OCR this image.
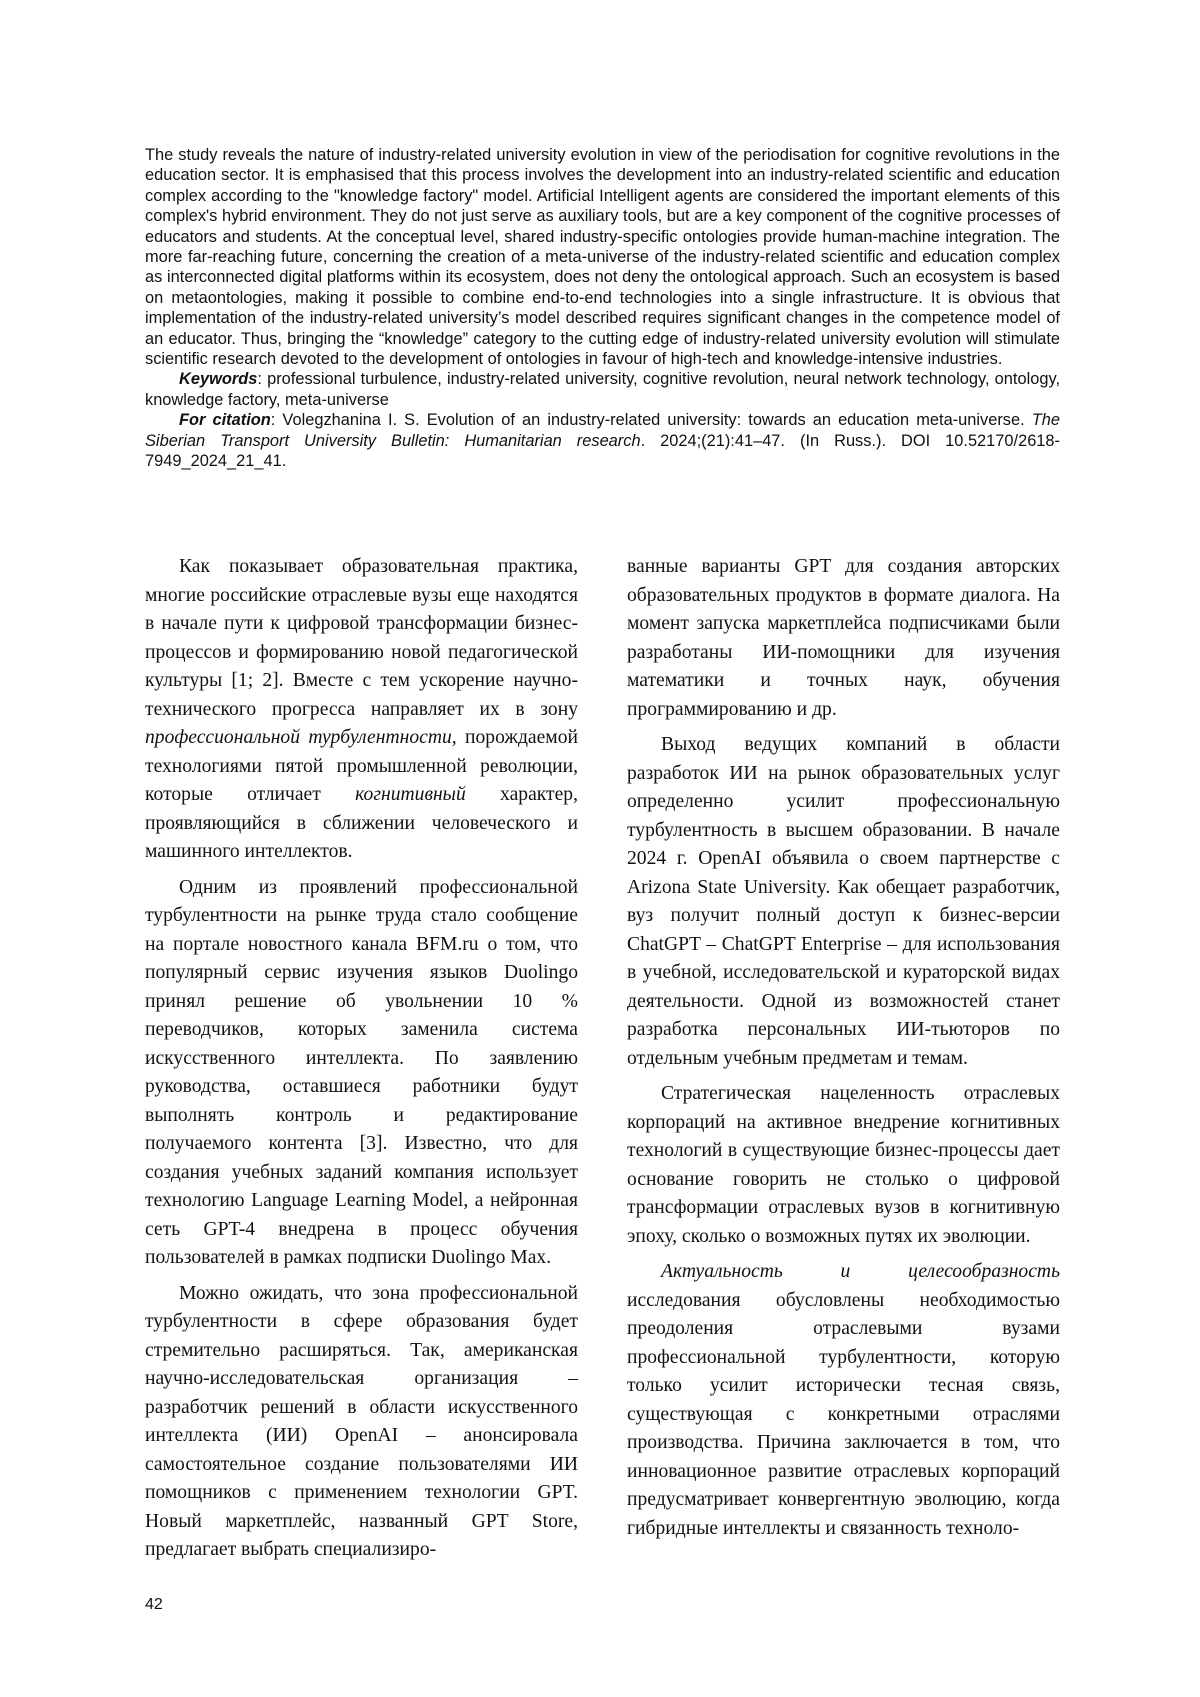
The study reveals the nature of industry-related university evolution in view of the periodisation for cognitive revolutions in the education sector. It is emphasised that this process involves the development into an industry-related scientific and education complex according to the "knowledge factory" model. Artificial Intelligent agents are considered the important elements of this complex's hybrid environment. They do not just serve as auxiliary tools, but are a key component of the cognitive processes of educators and students. At the conceptual level, shared industry-specific ontologies provide human-machine integration. The more far-reaching future, concerning the creation of a meta-universe of the industry-related scientific and education complex as interconnected digital platforms within its ecosystem, does not deny the ontological approach. Such an ecosystem is based on metaontologies, making it possible to combine end-to-end technologies into a single infrastructure. It is obvious that implementation of the industry-related university’s model described requires significant changes in the competence model of an educator. Thus, bringing the “knowledge” category to the cutting edge of industry-related university evolution will stimulate scientific research devoted to the development of ontologies in favour of high-tech and knowledge-intensive industries.

Keywords: professional turbulence, industry-related university, cognitive revolution, neural network technology, ontology, knowledge factory, meta-universe

For citation: Volegzhanina I. S. Evolution of an industry-related university: towards an education meta-universe. The Siberian Transport University Bulletin: Humanitarian research. 2024;(21):41–47. (In Russ.). DOI 10.52170/2618-7949_2024_21_41.

Как показывает образовательная практика, многие российские отраслевые вузы еще находятся в начале пути к цифровой трансформации бизнес-процессов и формированию новой педагогической культуры [1; 2]. Вместе с тем ускорение научно-технического прогресса направляет их в зону профессиональной турбулентности, порождаемой технологиями пятой промышленной революции, которые отличает когнитивный характер, проявляющийся в сближении человеческого и машинного интеллектов.

Одним из проявлений профессиональной турбулентности на рынке труда стало сообщение на портале новостного канала BFM.ru о том, что популярный сервис изучения языков Duolingo принял решение об увольнении 10 % переводчиков, которых заменила система искусственного интеллекта. По заявлению руководства, оставшиеся работники будут выполнять контроль и редактирование получаемого контента [3]. Известно, что для создания учебных заданий компания использует технологию Language Learning Model, а нейронная сеть GPT-4 внедрена в процесс обучения пользователей в рамках подписки Duolingo Max.

Можно ожидать, что зона профессиональной турбулентности в сфере образования будет стремительно расширяться. Так, американская научно-исследовательская организация – разработчик решений в области искусственного интеллекта (ИИ) OpenAI – анонсировала самостоятельное создание пользователями ИИ помощников с применением технологии GPT. Новый маркетплейс, названный GPT Store, предлагает выбрать специализиро-

ванные варианты GPT для создания авторских образовательных продуктов в формате диалога. На момент запуска маркетплейса подписчиками были разработаны ИИ-помощники для изучения математики и точных наук, обучения программированию и др.

Выход ведущих компаний в области разработок ИИ на рынок образовательных услуг определенно усилит профессиональную турбулентность в высшем образовании. В начале 2024 г. OpenAI объявила о своем партнерстве с Arizona State University. Как обещает разработчик, вуз получит полный доступ к бизнес-версии ChatGPT – ChatGPT Enterprise – для использования в учебной, исследовательской и кураторской видах деятельности. Одной из возможностей станет разработка персональных ИИ-тьюторов по отдельным учебным предметам и темам.

Стратегическая нацеленность отраслевых корпораций на активное внедрение когнитивных технологий в существующие бизнес-процессы дает основание говорить не столько о цифровой трансформации отраслевых вузов в когнитивную эпоху, сколько о возможных путях их эволюции.

Актуальность и целесообразность исследования обусловлены необходимостью преодоления отраслевыми вузами профессиональной турбулентности, которую только усилит исторически тесная связь, существующая с конкретными отраслями производства. Причина заключается в том, что инновационное развитие отраслевых корпораций предусматривает конвергентную эволюцию, когда гибридные интеллекты и связанность техноло-

42
